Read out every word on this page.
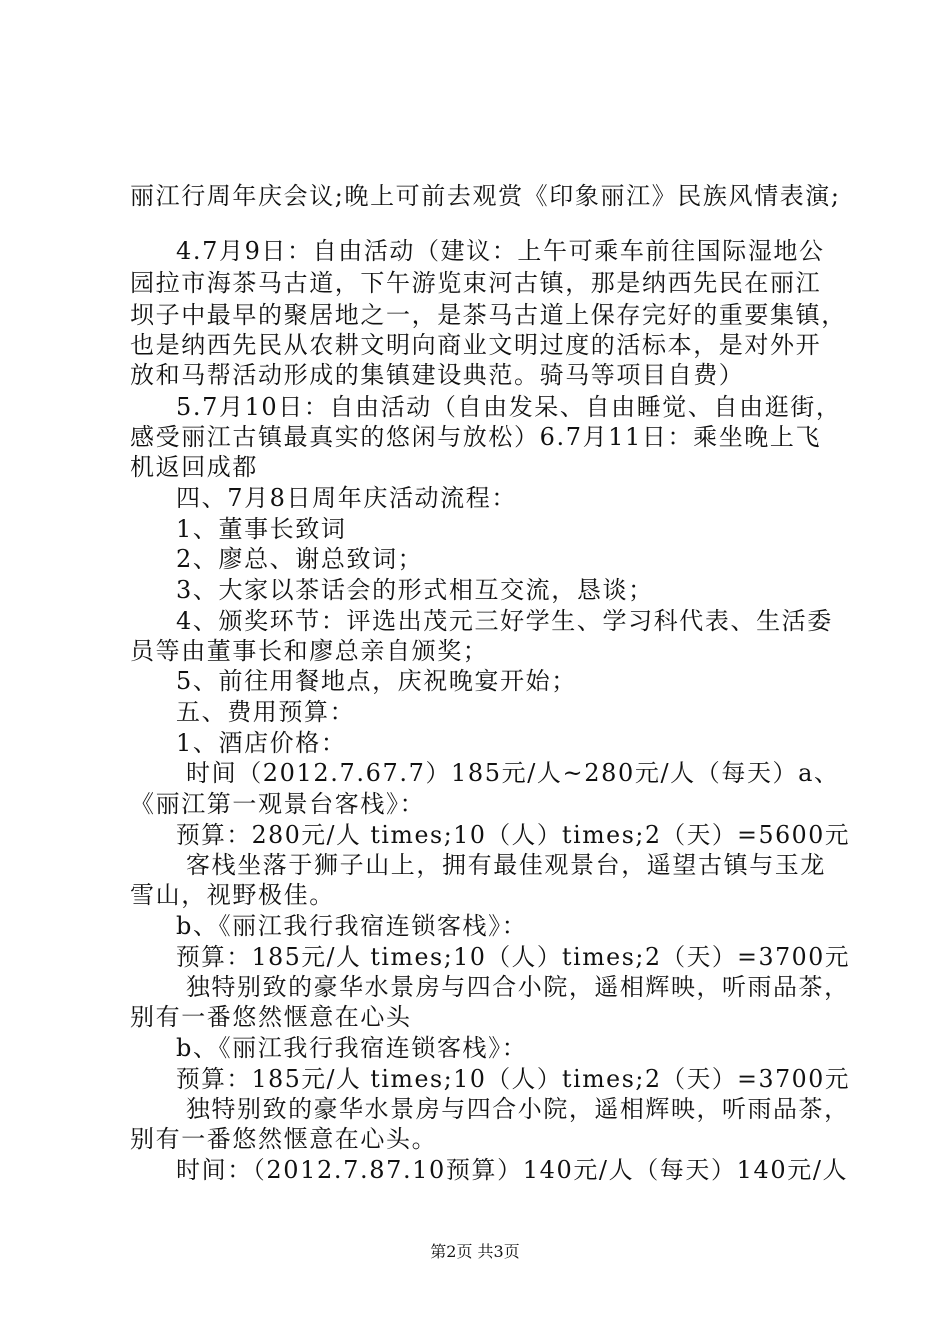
丽江行周年庆会议;晚上可前去观赏《印象丽江》民族风情表演;
4.7月9日：自由活动（建议：上午可乘车前往国际湿地公
园拉市海茶马古道，下午游览束河古镇，那是纳西先民在丽江
坝子中最早的聚居地之一，是茶马古道上保存完好的重要集镇，
也是纳西先民从农耕文明向商业文明过度的活标本，是对外开
放和马帮活动形成的集镇建设典范。骑马等项目自费）
5.7月10日：自由活动（自由发呆、自由睡觉、自由逛街，
感受丽江古镇最真实的悠闲与放松）6.7月11日：乘坐晚上飞
机返回成都
四、7月8日周年庆活动流程：
1、董事长致词
2、廖总、谢总致词；
3、大家以茶话会的形式相互交流，恳谈；
4、颁奖环节：评选出茂元三好学生、学习科代表、生活委
员等由董事长和廖总亲自颁奖；
5、前往用餐地点，庆祝晚宴开始；
五、费用预算：
1、酒店价格：
时间（2012.7.67.7）185元/人~280元/人（每天）a、
《丽江第一观景台客栈》：
预算：280元/人 times;10（人）times;2（天）=5600元
客栈坐落于狮子山上，拥有最佳观景台，遥望古镇与玉龙
雪山，视野极佳。
b、《丽江我行我宿连锁客栈》：
预算：185元/人 times;10（人）times;2（天）=3700元
独特别致的豪华水景房与四合小院，遥相辉映，听雨品茶，
别有一番悠然惬意在心头
b、《丽江我行我宿连锁客栈》：
预算：185元/人 times;10（人）times;2（天）=3700元
独特别致的豪华水景房与四合小院，遥相辉映，听雨品茶，
别有一番悠然惬意在心头。
时间：（2012.7.87.10预算）140元/人（每天）140元/人
第2页 共3页
